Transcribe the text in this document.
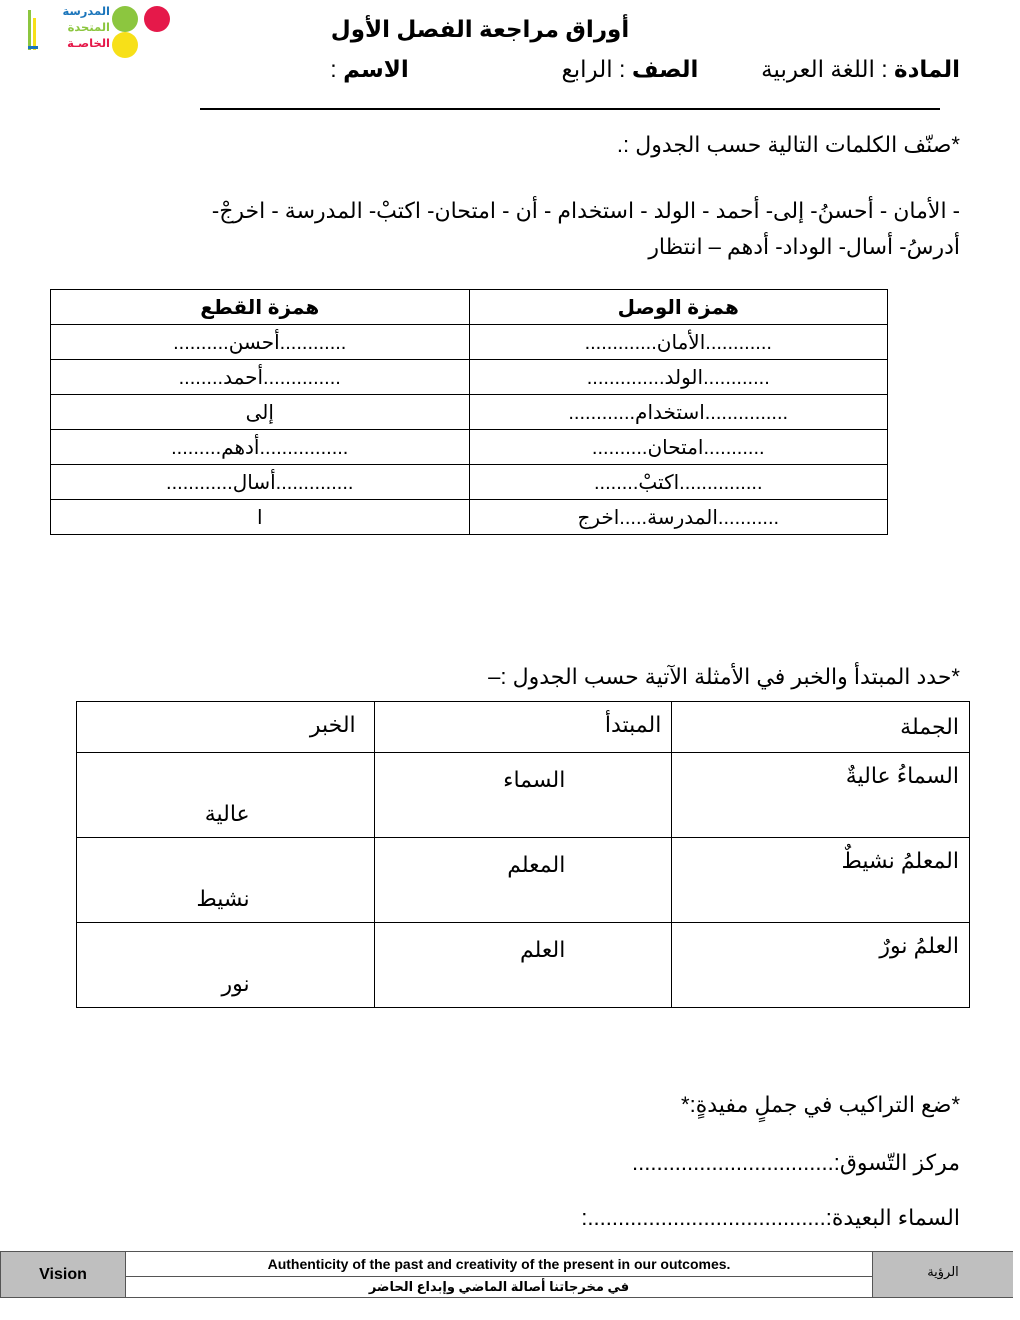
المدرسة
المتحدة
الخاصـة
أوراق مراجعة الفصل الأول
المادة : اللغة العربية  الصف : الرابع  الاسم :
*صنّف الكلمات التالية حسب الجدول :.
- الأمان - أحسنُ- إلى- أحمد - الولد - استخدام - أن - امتحان- اكتبْ- المدرسة - اخرجْ-
أدرسُ- أسال- الوداد- أدهم – انتظار
همزة القطع	همزة الوصل
............أحسن..........	............الأمان.............
..............أحمد........	............الولد..............
إلى	...............استخدام............
................أدهم.........	...........امتحان..........
..............أسال............	...............اكتبْ........
ا	...........المدرسة.....اخرج
*حدد المبتدأ والخبر في الأمثلة الآتية حسب الجدول :–
الخبر	المبتدأ	الجملة

عالية	السماء	السماءُ عاليةٌ

نشيط	المعلم	المعلمُ نشيطٌ

نور	العلم	العلمُ نورٌ
*ضع التراكيب في جملٍ مفيدةٍ:*
مركز التّسوق:.................................
السماء البعيدة:.......................................:
Vision
Authenticity of the past and creativity of the present in our outcomes.
في مخرجاتنا أصالة الماضي وإبداع الحاضر
الرؤية
